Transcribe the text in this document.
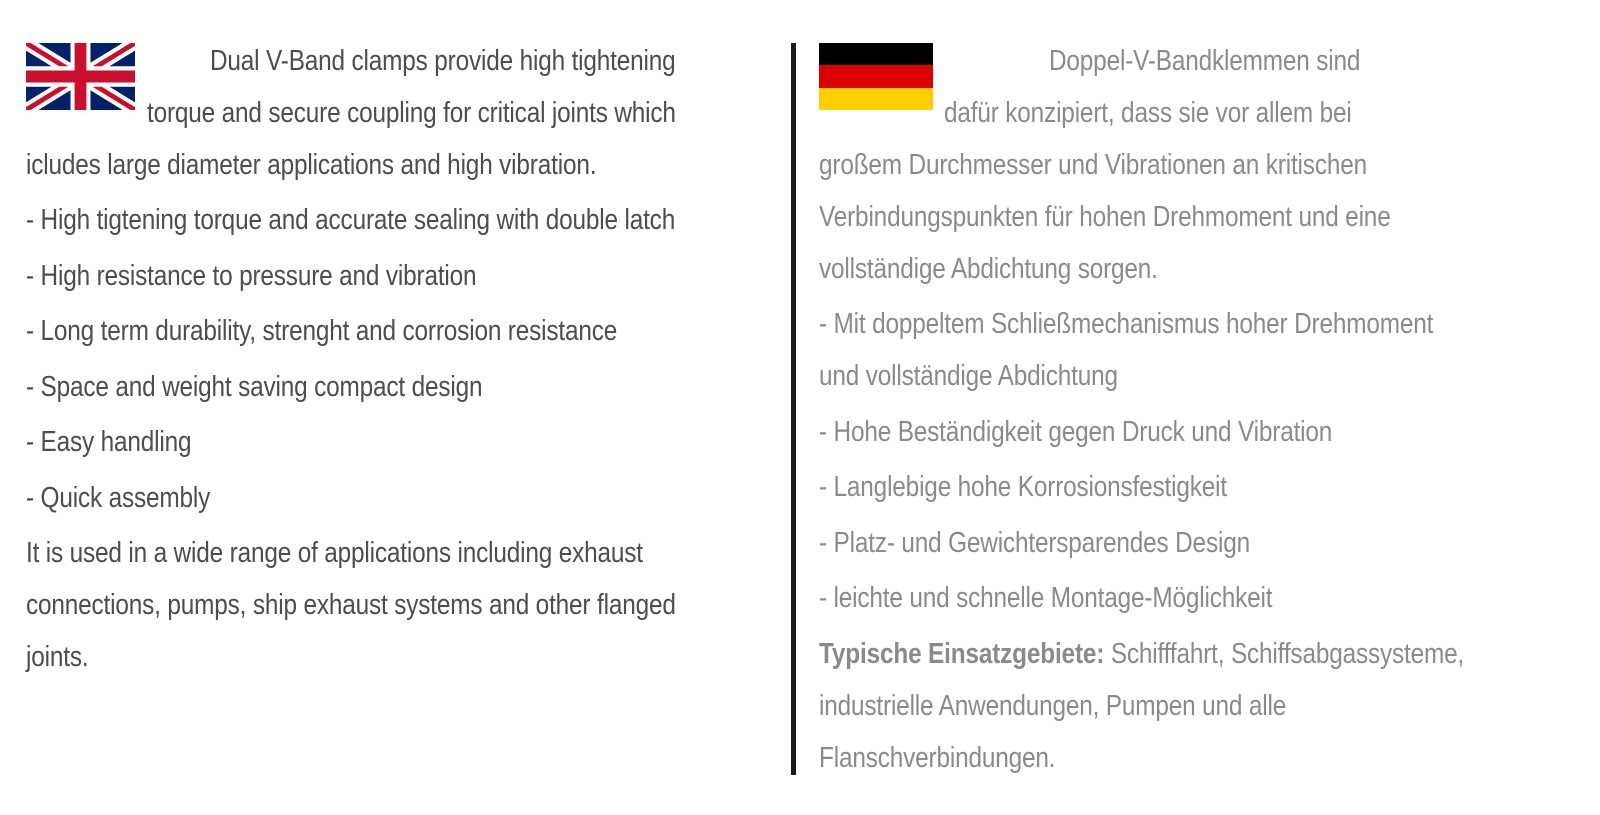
Dual V-Band clamps provide high tightening
torque and secure coupling for critical joints which
icludes large diameter applications and high vibration.
- High tigtening torque and accurate sealing with double latch
- High resistance to pressure and vibration
- Long term durability, strenght and corrosion resistance
- Space and weight saving compact design
- Easy handling
- Quick assembly
It is used in a wide range of applications including exhaust
connections, pumps, ship exhaust systems and other flanged
joints.
Doppel-V-Bandklemmen sind
dafür konzipiert, dass sie vor allem bei
großem Durchmesser und Vibrationen an kritischen
Verbindungspunkten für hohen Drehmoment und eine
vollständige Abdichtung sorgen.
- Mit doppeltem Schließmechanismus hoher Drehmoment
und vollständige Abdichtung
- Hohe Beständigkeit gegen Druck und Vibration
- Langlebige hohe Korrosionsfestigkeit
- Platz- und Gewichtersparendes Design
- leichte und schnelle Montage-Möglichkeit
Typische Einsatzgebiete: Schifffahrt, Schiffsabgassysteme,
industrielle Anwendungen, Pumpen und alle
Flanschverbindungen.
